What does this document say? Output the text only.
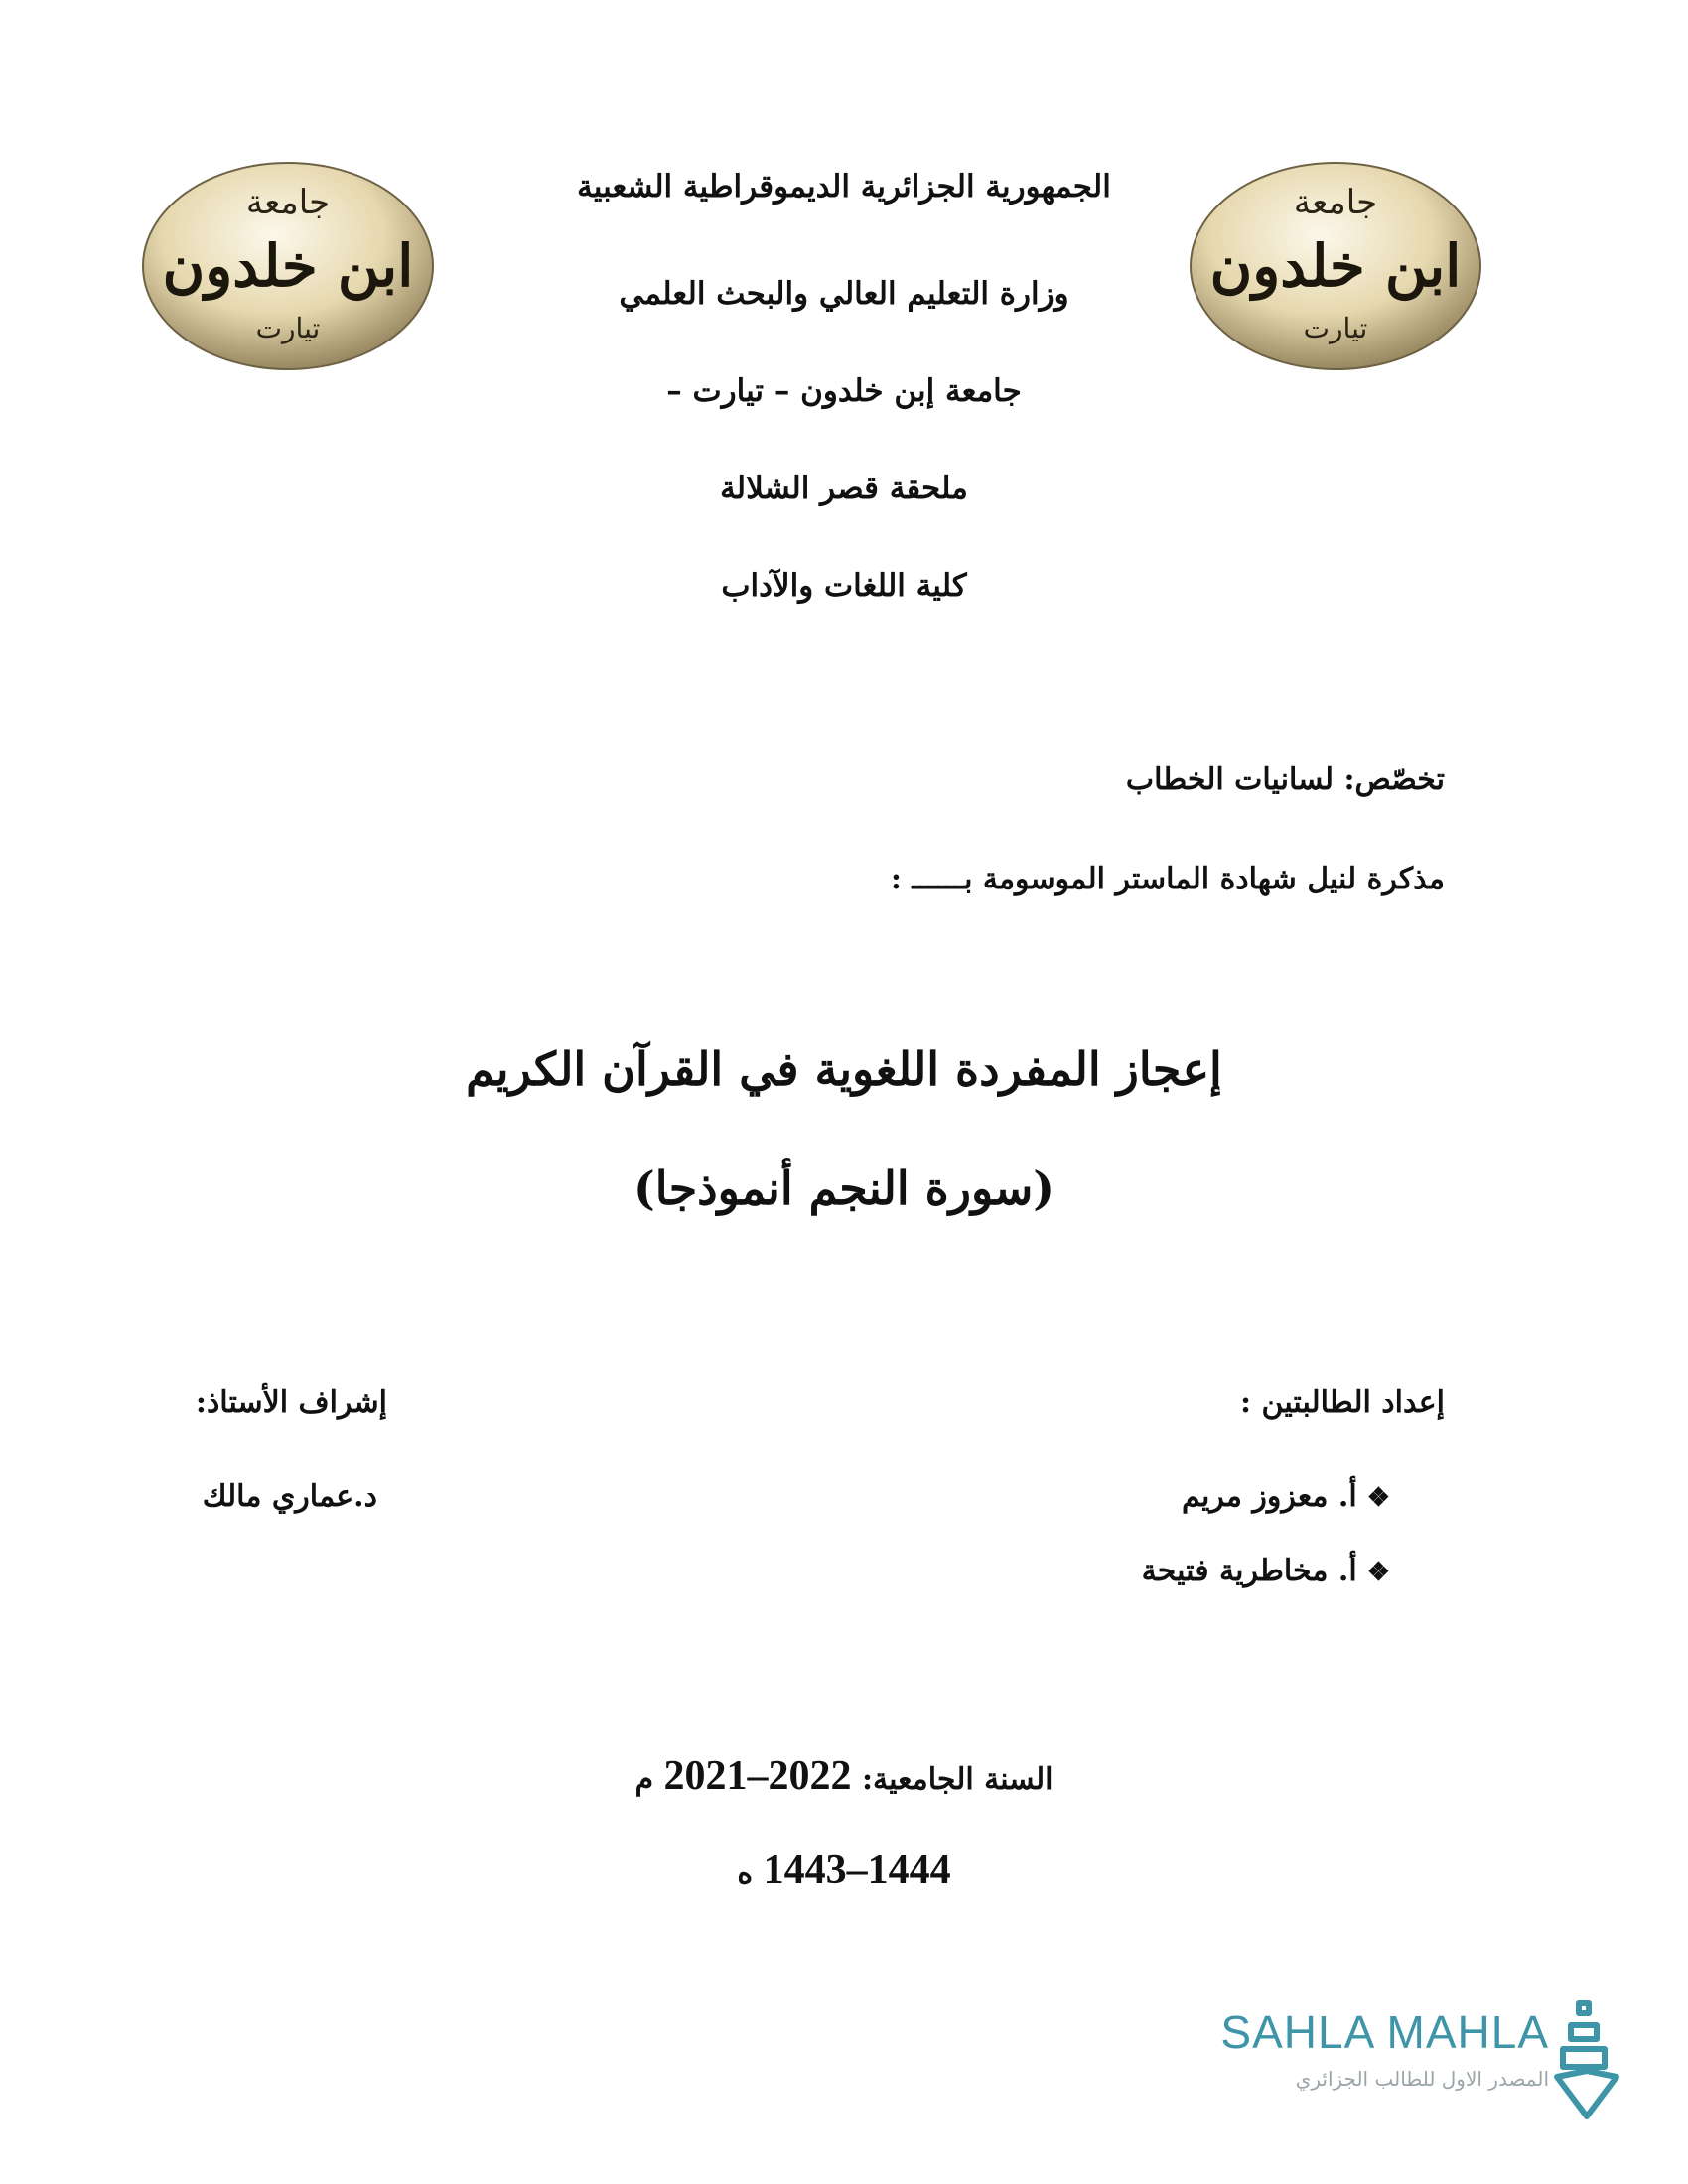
جامعة
ابن خلدون
تيارت
جامعة
ابن خلدون
تيارت
الجمهورية الجزائرية الديموقراطية الشعبية
وزارة التعليم العالي والبحث العلمي
جامعة إبن خلدون – تيارت –
ملحقة قصر الشلالة
كلية اللغات والآداب
تخصّص: لسانيات الخطاب
مذكرة لنيل شهادة الماستر الموسومة بــــــ :
إعجاز المفردة اللغوية في القرآن الكريم
(سورة النجم أنموذجا)
إعداد الطالبتين :
❖أ. معزوز مريم
❖أ. مخاطرية فتيحة
إشراف الأستاذ:
د.عماري مالك
السنة الجامعية: 2021–2022 م
1443–1444 ه
SAHLA MAHLA
المصدر الاول للطالب الجزائري
